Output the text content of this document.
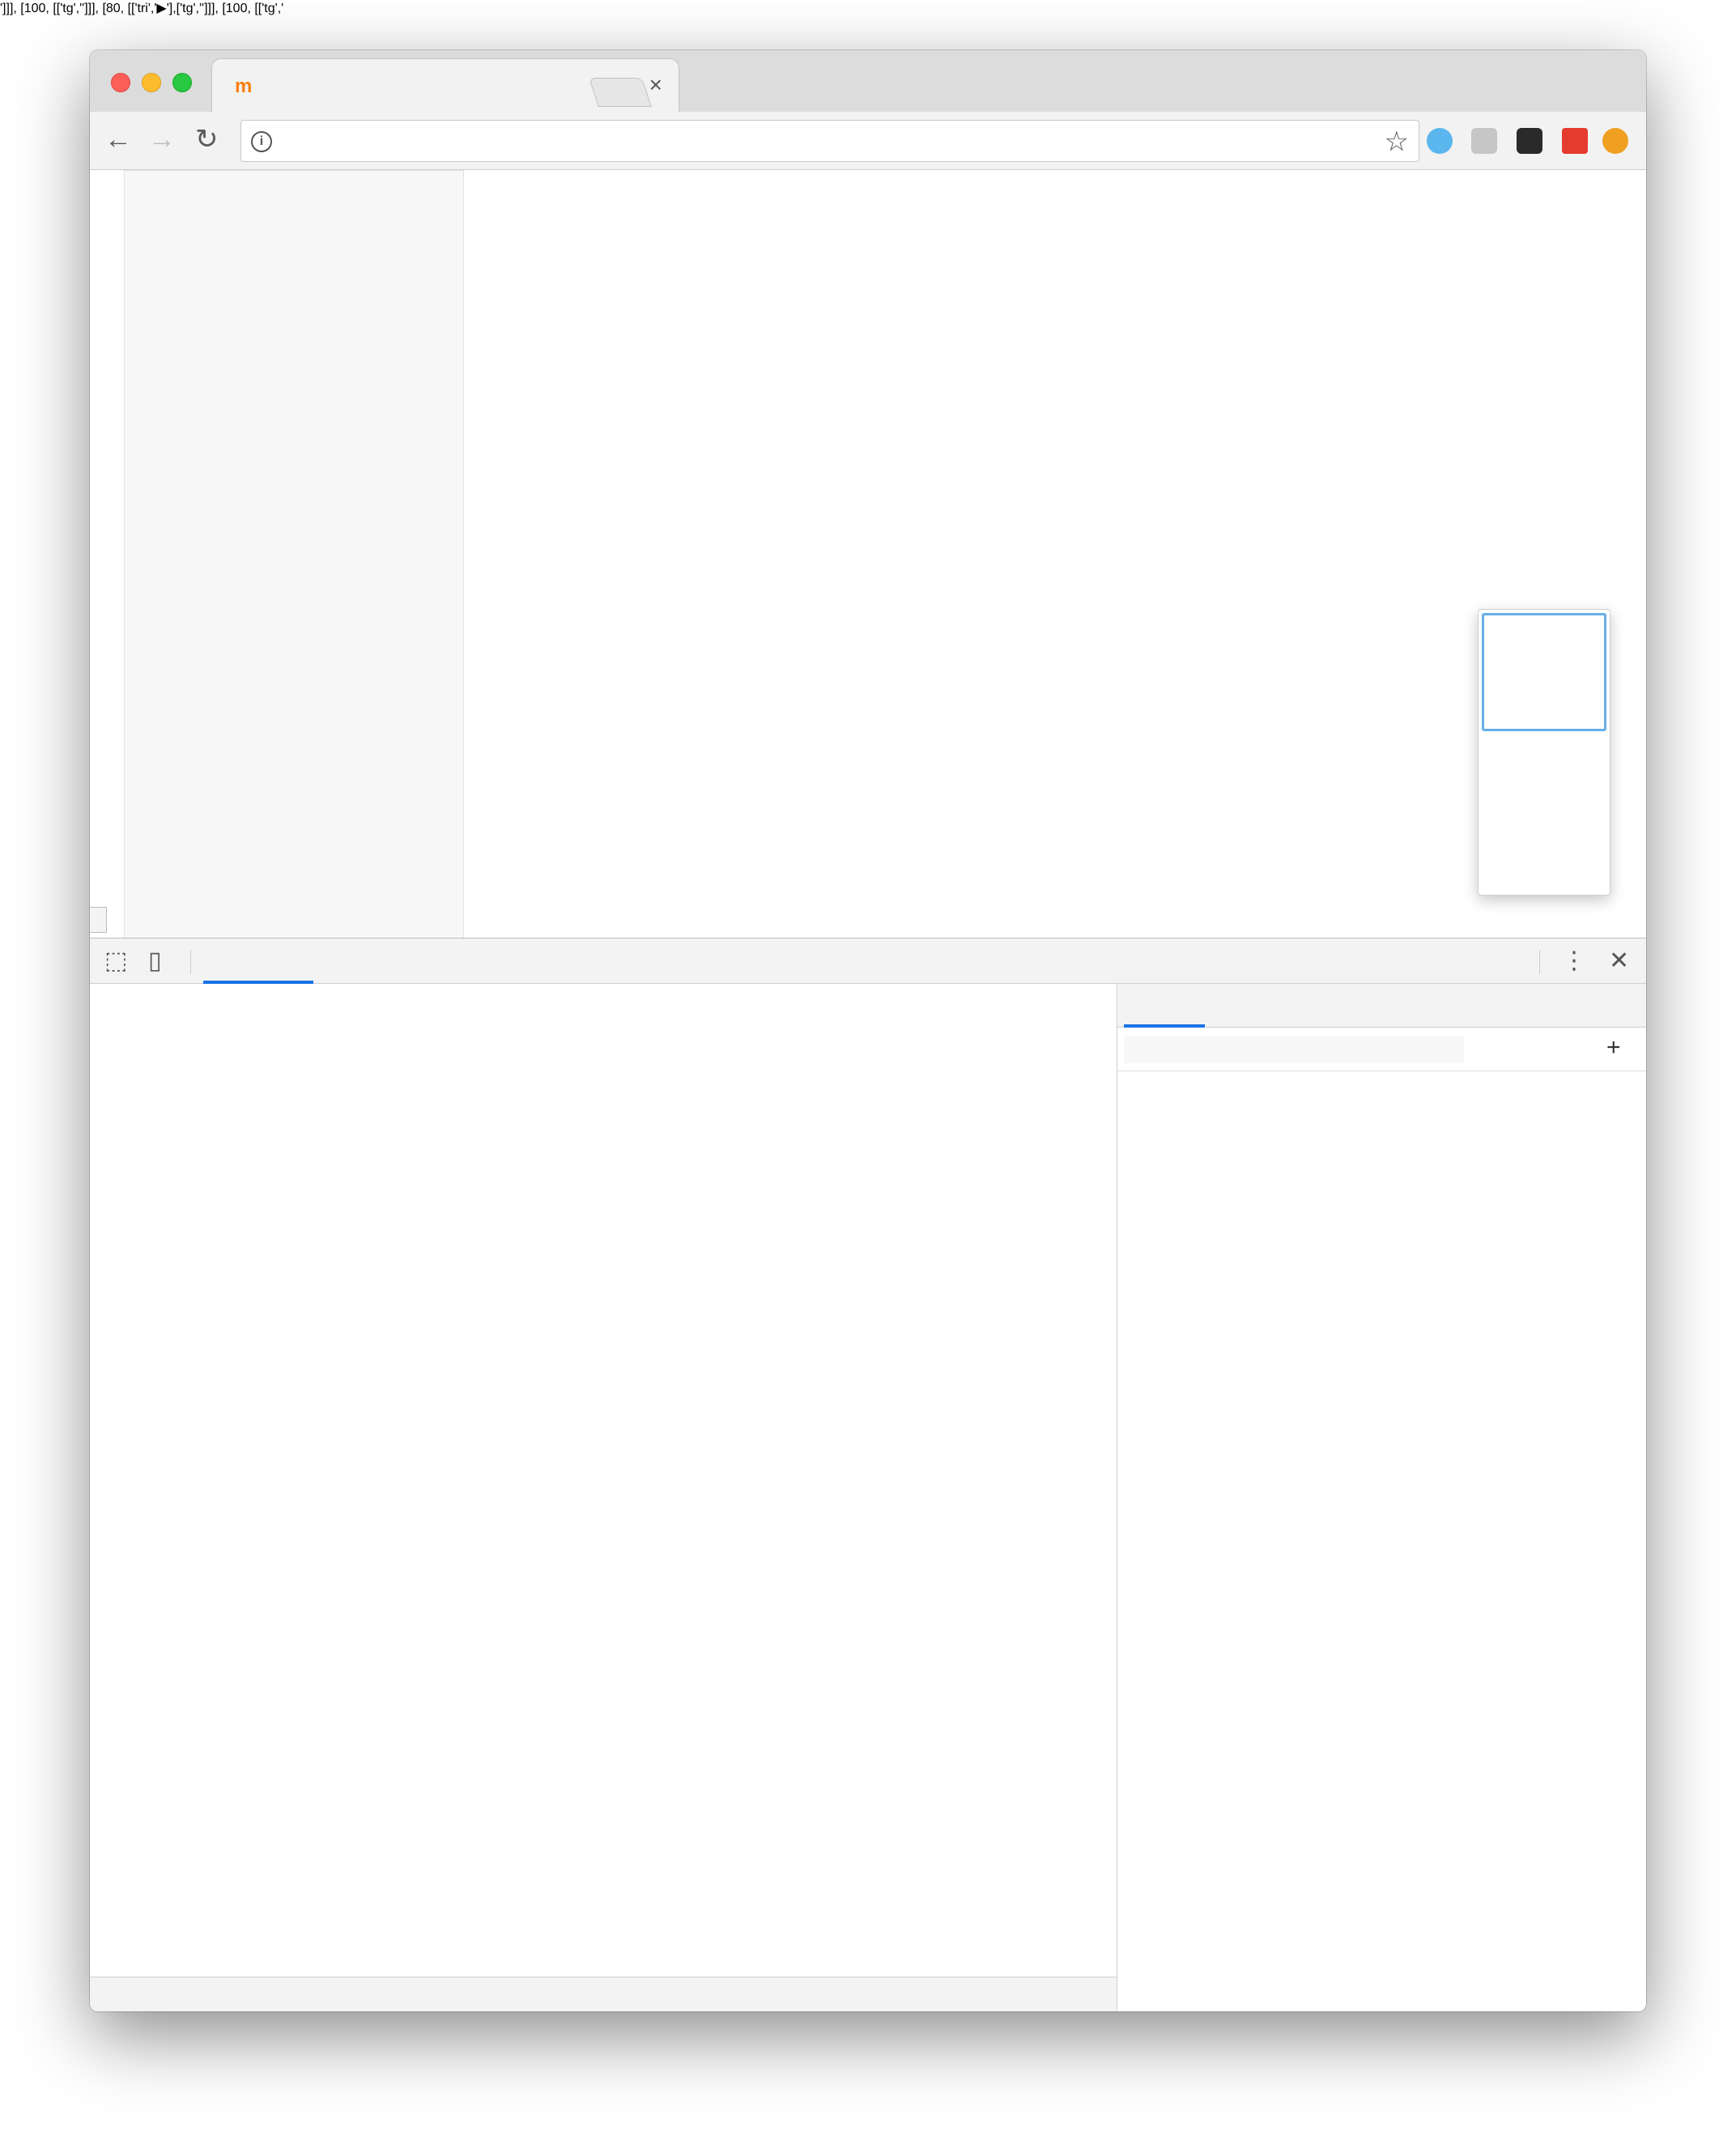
m	×
← → ↻	i	☆
⬚ ▯	⋮ ✕
+
']]], [100, [['tg','']]], [80, [['tri','▶'],['tg','']]], [100, [['tg','
